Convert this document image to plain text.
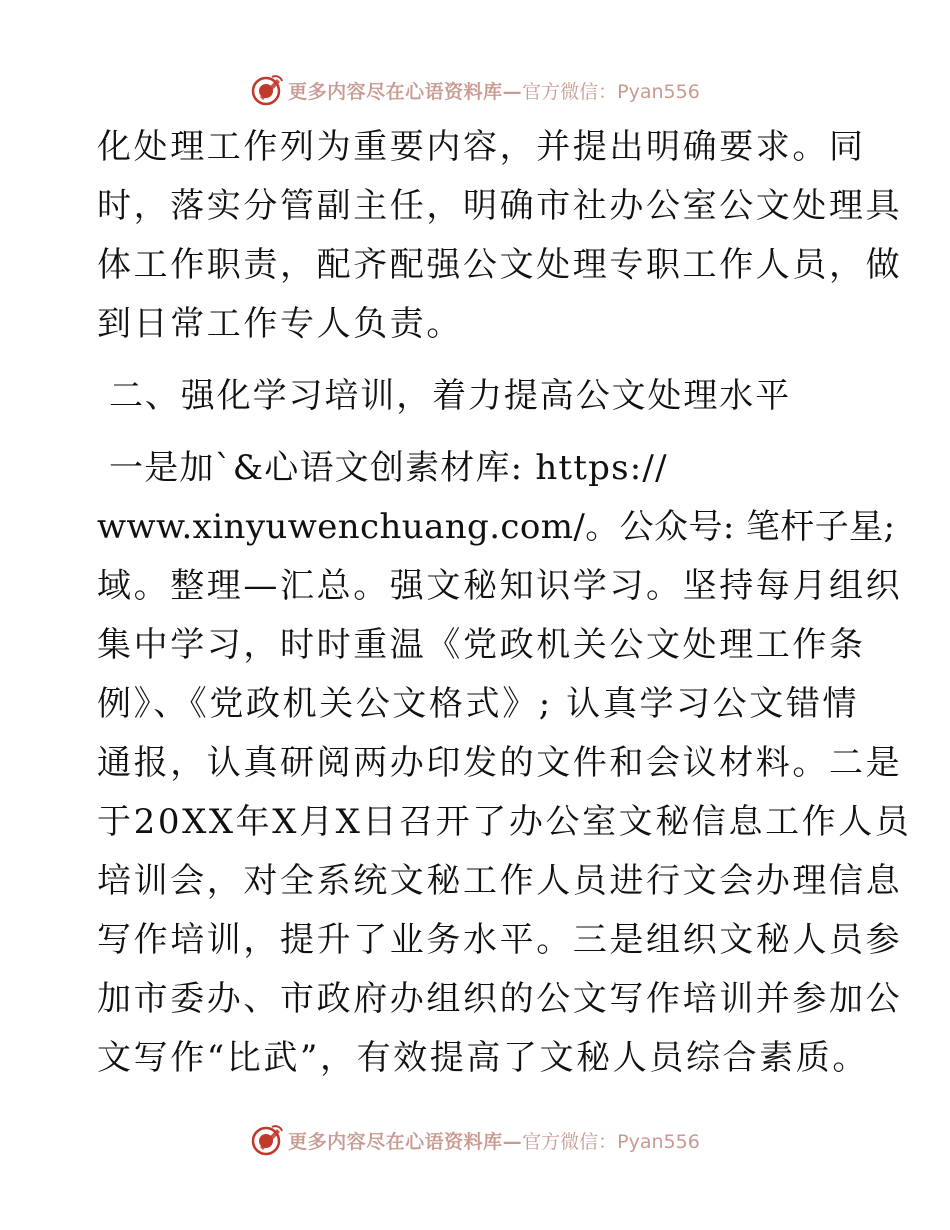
更多内容尽在心语资料库— 官方微信：Pyan556
化处理工作列为重要内容，并提出明确要求。同
时，落实分管副主任，明确市社办公室公文处理具
体工作职责，配齐配强公文处理专职工作人员，做
到日常工作专人负责。
二、强化学习培训，着力提高公文处理水平
一是加`&心语文创素材库: https://
www.xinyuwenchuang.com/。公众号: 笔杆子星;
域。整理—汇总。强文秘知识学习。坚持每月组织
集中学习，时时重温《党政机关公文处理工作条
例》、《党政机关公文格式》; 认真学习公文错情
通报，认真研阅两办印发的文件和会议材料。二是
于20XX年X月X日召开了办公室文秘信息工作人员
培训会，对全系统文秘工作人员进行文会办理信息
写作培训，提升了业务水平。三是组织文秘人员参
加市委办、市政府办组织的公文写作培训并参加公
文写作“比武”，有效提高了文秘人员综合素质。
更多内容尽在心语资料库— 官方微信：Pyan556
